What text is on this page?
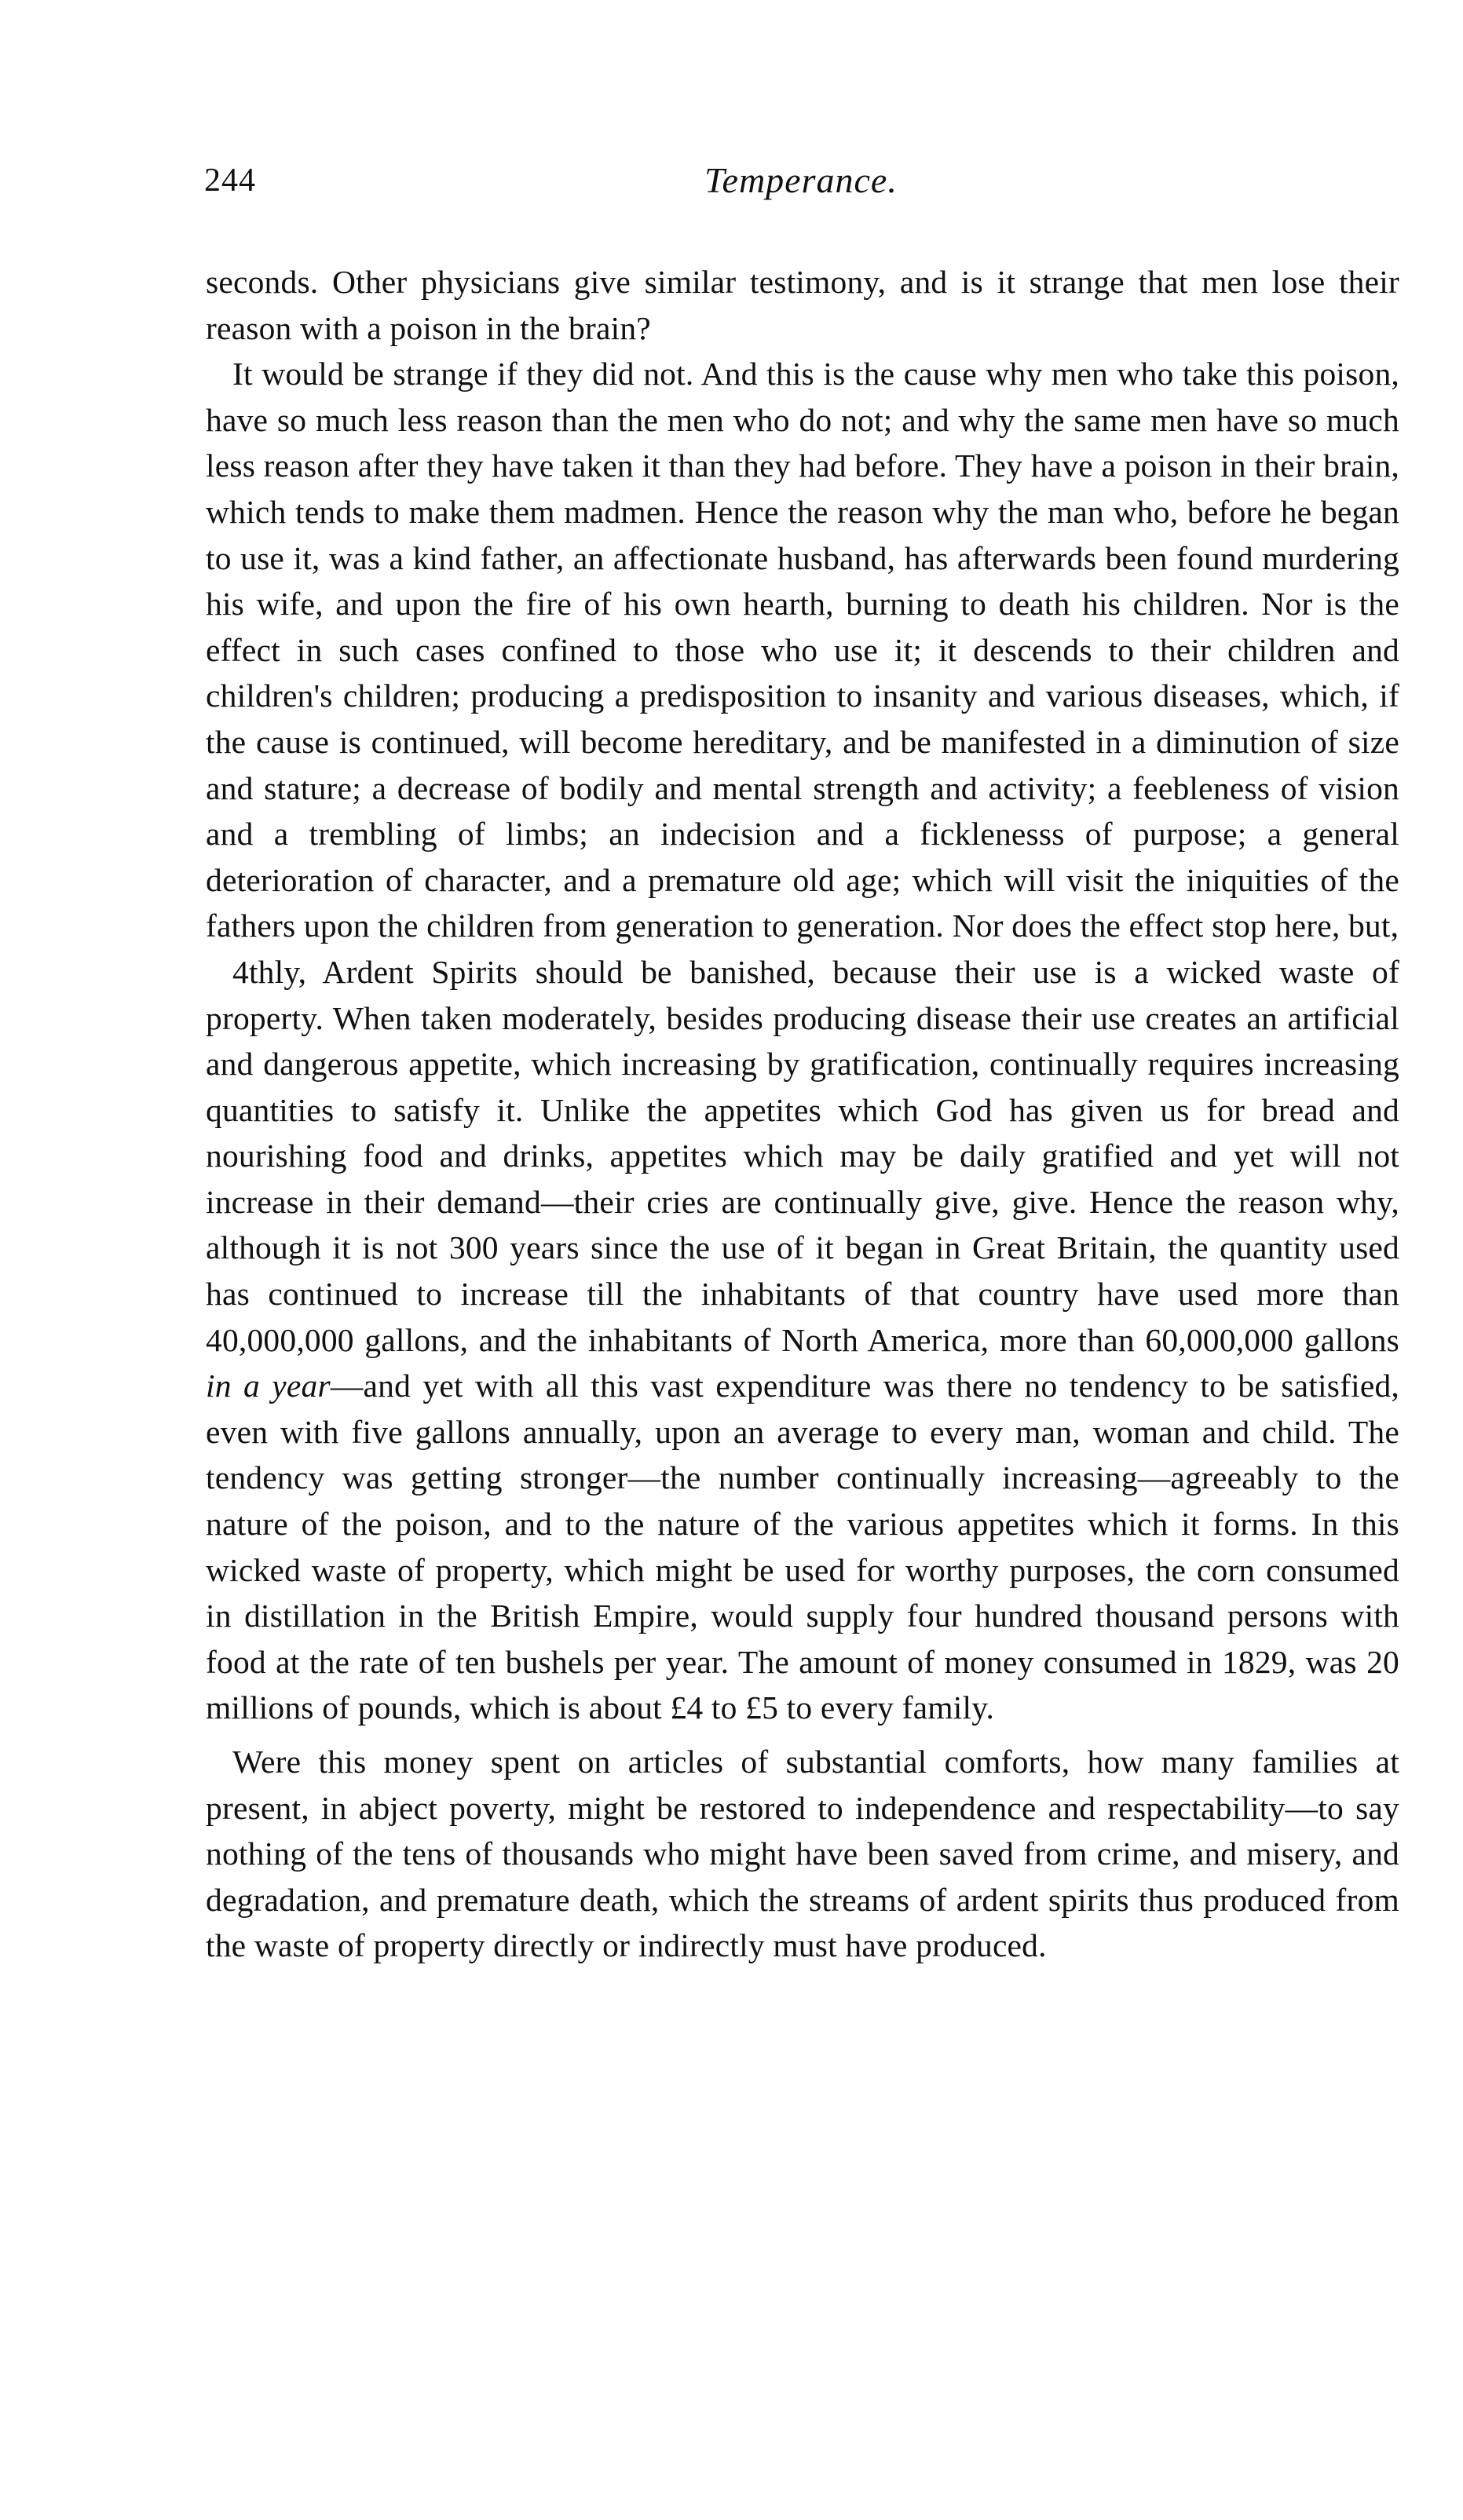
244	Temperance.

seconds. Other physicians give similar testimony, and is it strange that men lose their reason with a poison in the brain?

It would be strange if they did not. And this is the cause why men who take this poison, have so much less reason than the men who do not; and why the same men have so much less reason after they have taken it than they had before. They have a poison in their brain, which tends to make them madmen. Hence the reason why the man who, before he began to use it, was a kind father, an affectionate husband, has afterwards been found murdering his wife, and upon the fire of his own hearth, burning to death his children. Nor is the effect in such cases confined to those who use it; it descends to their children and children's children; producing a predisposition to insanity and various diseases, which, if the cause is continued, will become hereditary, and be manifested in a diminution of size and stature; a decrease of bodily and mental strength and activity; a feebleness of vision and a trembling of limbs; an indecision and a ficklenesss of purpose; a general deterioration of character, and a premature old age; which will visit the iniquities of the fathers upon the children from generation to generation. Nor does the effect stop here, but,

4thly, Ardent Spirits should be banished, because their use is a wicked waste of property. When taken moderately, besides producing disease their use creates an artificial and dangerous appetite, which increasing by gratification, continually requires increasing quantities to satisfy it. Unlike the appetites which God has given us for bread and nourishing food and drinks, appetites which may be daily gratified and yet will not increase in their demand—their cries are continually give, give. Hence the reason why, although it is not 300 years since the use of it began in Great Britain, the quantity used has continued to increase till the inhabitants of that country have used more than 40,000,000 gallons, and the inhabitants of North America, more than 60,000,000 gallons in a year—and yet with all this vast expenditure was there no tendency to be satisfied, even with five gallons annually, upon an average to every man, woman and child. The tendency was getting stronger—the number continually increasing—agreeably to the nature of the poison, and to the nature of the various appetites which it forms. In this wicked waste of property, which might be used for worthy purposes, the corn consumed in distillation in the British Empire, would supply four hundred thousand persons with food at the rate of ten bushels per year. The amount of money consumed in 1829, was 20 millions of pounds, which is about £4 to £5 to every family.

Were this money spent on articles of substantial comforts, how many families at present, in abject poverty, might be restored to independence and respectability—to say nothing of the tens of thousands who might have been saved from crime, and misery, and degradation, and premature death, which the streams of ardent spirits thus produced from the waste of property directly or indirectly must have produced.
